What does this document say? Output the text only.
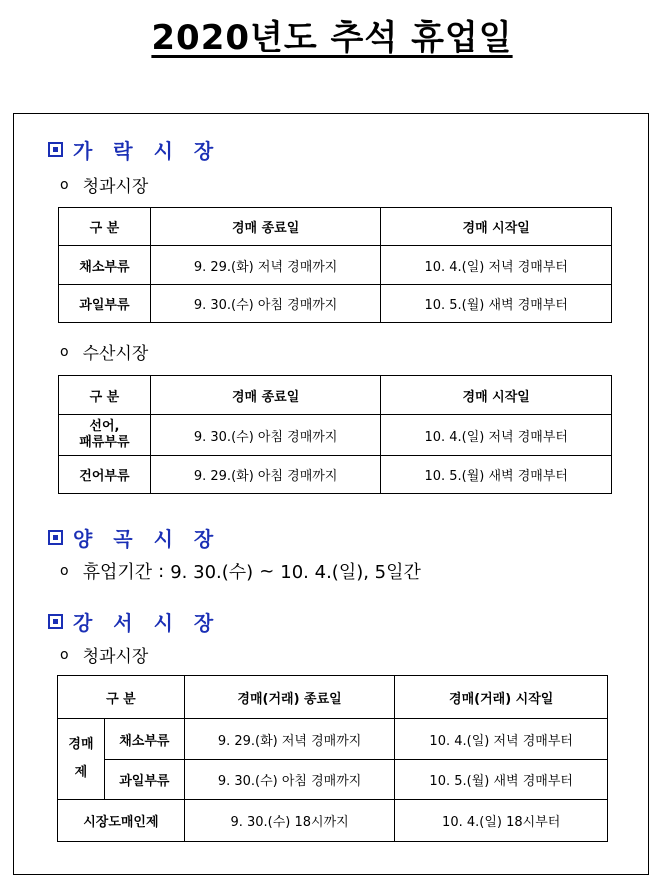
2020년도 추석 휴업일
가 락 시 장
o 청과시장
구 분	경매 종료일	경매 시작일
채소부류	9. 29.(화) 저녁 경매까지	10. 4.(일) 저녁 경매부터
과일부류	9. 30.(수) 아침 경매까지	10. 5.(월) 새벽 경매부터
o 수산시장
구 분	경매 종료일	경매 시작일
선어,
패류부류	9. 30.(수) 아침 경매까지	10. 4.(일) 저녁 경매부터
건어부류	9. 29.(화) 아침 경매까지	10. 5.(월) 새벽 경매부터
양 곡 시 장
o 휴업기간 : 9. 30.(수) ~ 10. 4.(일), 5일간
강 서 시 장
o 청과시장
구 분		경매(거래) 종료일	경매(거래) 시작일
경매
제	채소부류	9. 29.(화) 저녁 경매까지	10. 4.(일) 저녁 경매부터
	과일부류	9. 30.(수) 아침 경매까지	10. 5.(월) 새벽 경매부터
시장도매인제		9. 30.(수) 18시까지	10. 4.(일) 18시부터
